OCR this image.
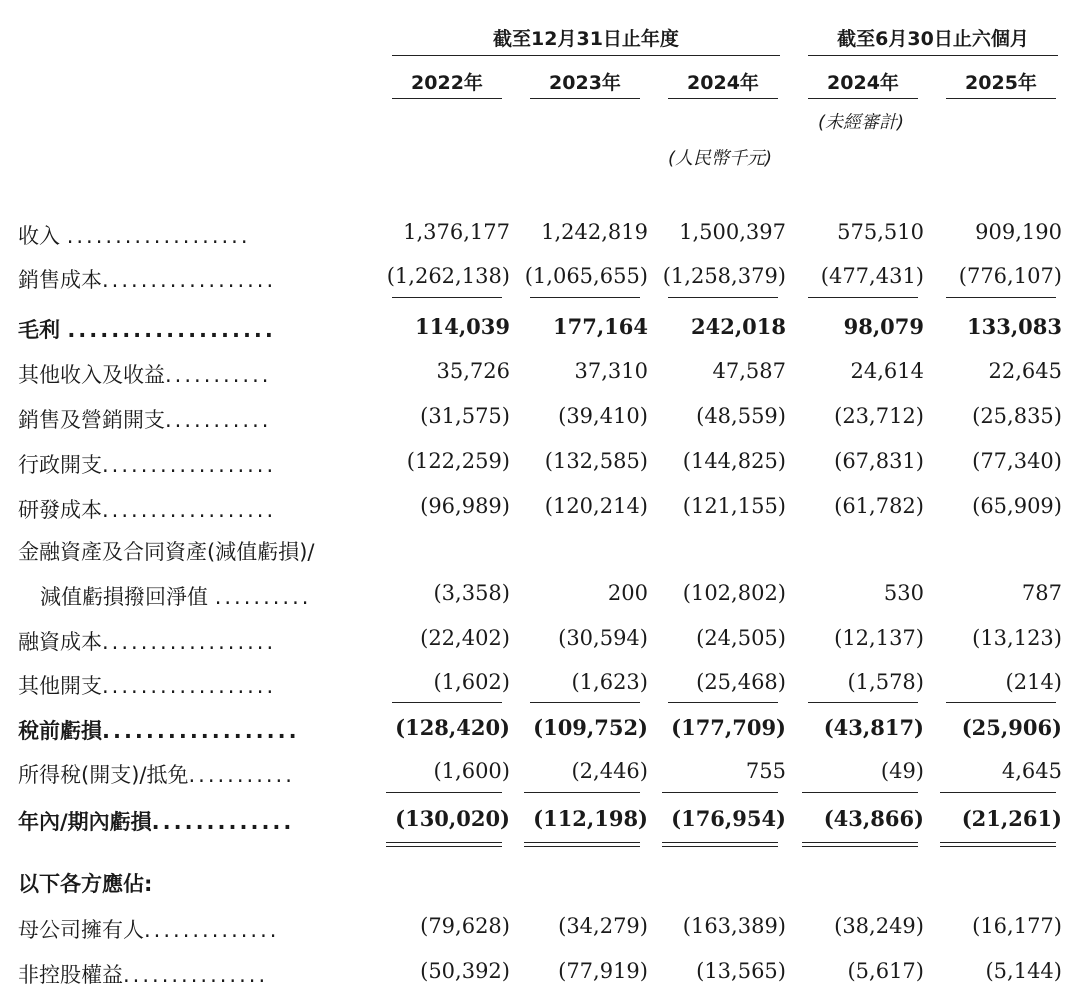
截至12月31日止年度	截至6月30日止六個月
2022年	2023年	2024年	2024年	2025年
(未經審計)
(人民幣千元)
收入 ...................	1,376,177	1,242,819	1,500,397	575,510	909,190
銷售成本..................	(1,262,138) (1,065,655) (1,258,379)	(477,431)	(776,107)
毛利 ...................	114,039	177,164	242,018	98,079	133,083
其他收入及收益...........	35,726	37,310	47,587	24,614	22,645
銷售及營銷開支...........	(31,575)	(39,410)	(48,559)	(23,712)	(25,835)
行政開支..................	(122,259)	(132,585)	(144,825)	(67,831)	(77,340)
研發成本..................	(96,989)	(120,214)	(121,155)	(61,782)	(65,909)
金融資產及合同資產(減值虧損)/
減值虧損撥回淨值 ..........	(3,358)	200	(102,802)	530	787
融資成本..................	(22,402)	(30,594)	(24,505)	(12,137)	(13,123)
其他開支..................	(1,602)	(1,623)	(25,468)	(1,578)	(214)
稅前虧損..................	(128,420)	(109,752)	(177,709)	(43,817)	(25,906)
所得稅(開支)/抵免...........	(1,600)	(2,446)	755	(49)	4,645
年內/期內虧損.............	(130,020)	(112,198)	(176,954)	(43,866)	(21,261)
以下各方應佔:
母公司擁有人..............	(79,628)	(34,279)	(163,389)	(38,249)	(16,177)
非控股權益...............	(50,392)	(77,919)	(13,565)	(5,617)	(5,144)
